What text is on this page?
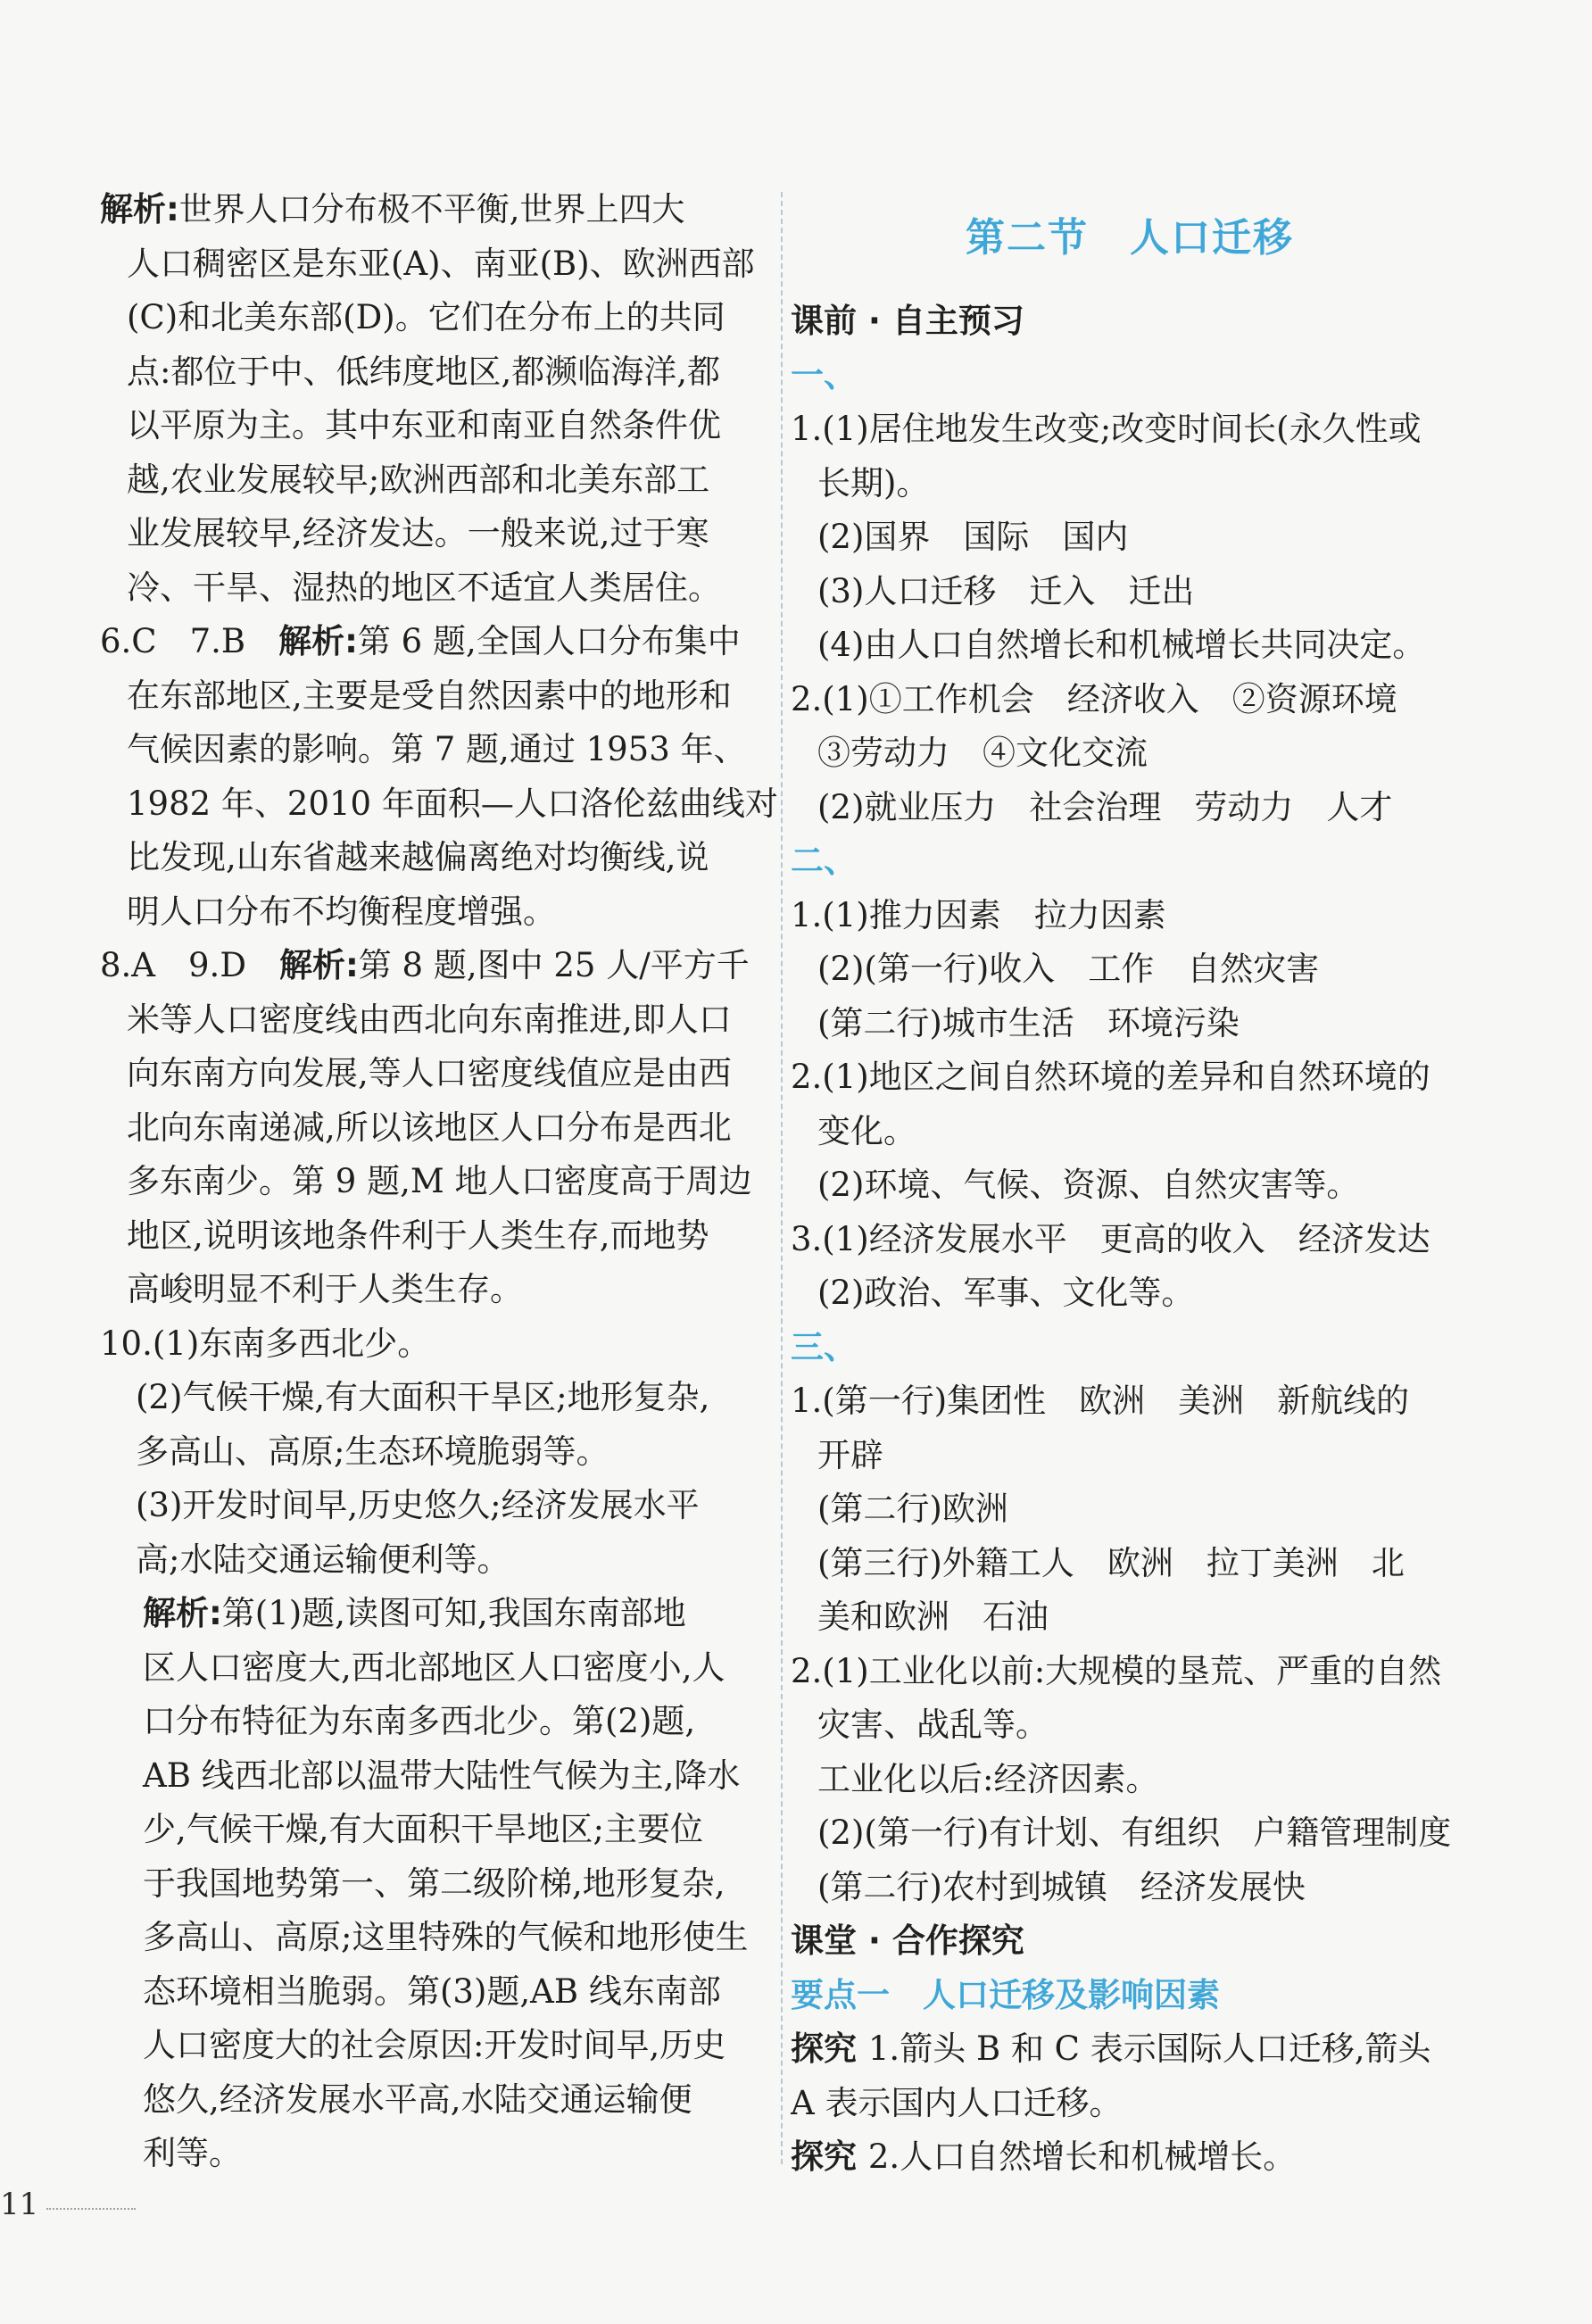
解析:世界人口分布极不平衡,世界上四大
人口稠密区是东亚(A)、南亚(B)、欧洲西部
(C)和北美东部(D)。它们在分布上的共同
点:都位于中、低纬度地区,都濒临海洋,都
以平原为主。其中东亚和南亚自然条件优
越,农业发展较早;欧洲西部和北美东部工
业发展较早,经济发达。一般来说,过于寒
冷、干旱、湿热的地区不适宜人类居住。
6.C　7.B　解析:第 6 题,全国人口分布集中
在东部地区,主要是受自然因素中的地形和
气候因素的影响。第 7 题,通过 1953 年、
1982 年、2010 年面积—人口洛伦兹曲线对
比发现,山东省越来越偏离绝对均衡线,说
明人口分布不均衡程度增强。
8.A　9.D　解析:第 8 题,图中 25 人/平方千
米等人口密度线由西北向东南推进,即人口
向东南方向发展,等人口密度线值应是由西
北向东南递减,所以该地区人口分布是西北
多东南少。第 9 题,M 地人口密度高于周边
地区,说明该地条件利于人类生存,而地势
高峻明显不利于人类生存。
10.(1)东南多西北少。
(2)气候干燥,有大面积干旱区;地形复杂,
多高山、高原;生态环境脆弱等。
(3)开发时间早,历史悠久;经济发展水平
高;水陆交通运输便利等。
解析:第(1)题,读图可知,我国东南部地
区人口密度大,西北部地区人口密度小,人
口分布特征为东南多西北少。第(2)题,
AB 线西北部以温带大陆性气候为主,降水
少,气候干燥,有大面积干旱地区;主要位
于我国地势第一、第二级阶梯,地形复杂,
多高山、高原;这里特殊的气候和地形使生
态环境相当脆弱。第(3)题,AB 线东南部
人口密度大的社会原因:开发时间早,历史
悠久,经济发展水平高,水陆交通运输便
利等。
第二节　人口迁移
课前 · 自主预习
一、
1.(1)居住地发生改变;改变时间长(永久性或
长期)。
(2)国界　国际　国内
(3)人口迁移　迁入　迁出
(4)由人口自然增长和机械增长共同决定。
2.(1)①工作机会　经济收入　②资源环境
③劳动力　④文化交流
(2)就业压力　社会治理　劳动力　人才
二、
1.(1)推力因素　拉力因素
(2)(第一行)收入　工作　自然灾害
(第二行)城市生活　环境污染
2.(1)地区之间自然环境的差异和自然环境的
变化。
(2)环境、气候、资源、自然灾害等。
3.(1)经济发展水平　更高的收入　经济发达
(2)政治、军事、文化等。
三、
1.(第一行)集团性　欧洲　美洲　新航线的
开辟
(第二行)欧洲
(第三行)外籍工人　欧洲　拉丁美洲　北
美和欧洲　石油
2.(1)工业化以前:大规模的垦荒、严重的自然
灾害、战乱等。
工业化以后:经济因素。
(2)(第一行)有计划、有组织　户籍管理制度
(第二行)农村到城镇　经济发展快
课堂 · 合作探究
要点一　人口迁移及影响因素
探究 1.箭头 B 和 C 表示国际人口迁移,箭头
A 表示国内人口迁移。
探究 2.人口自然增长和机械增长。
11
